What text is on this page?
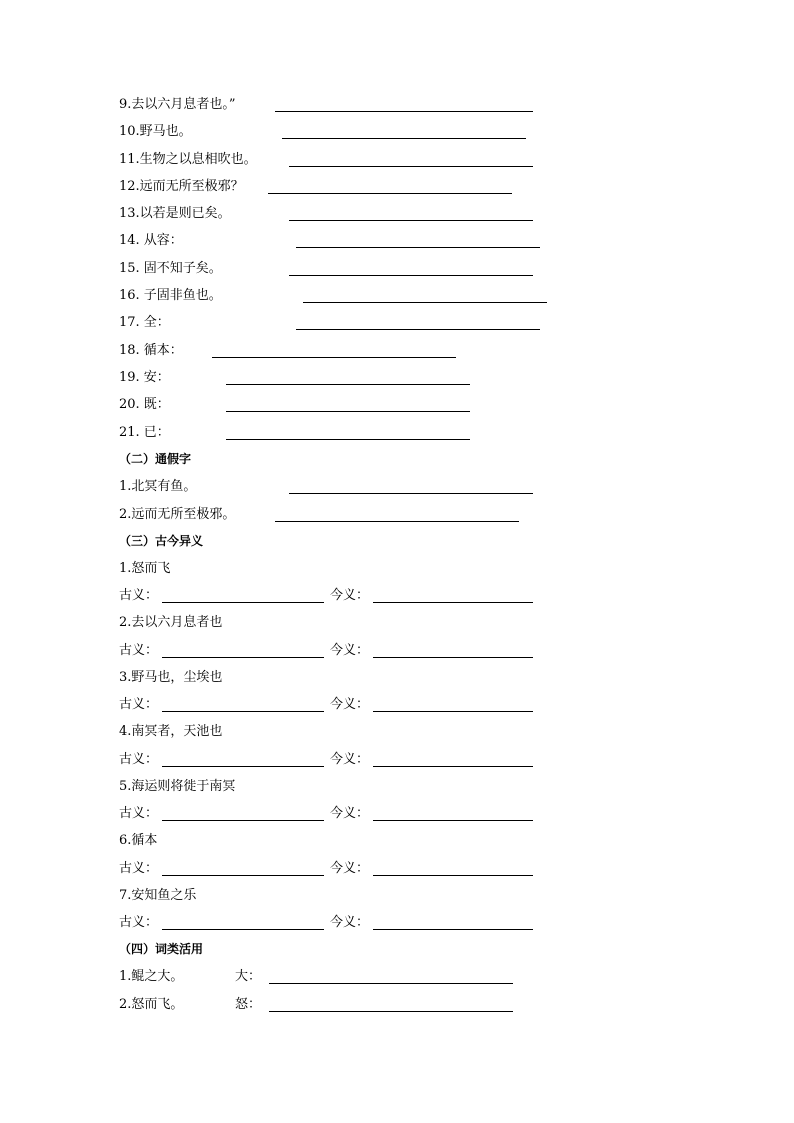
9.去以六月息者也。”
10.野马也。
11.生物之以息相吹也。
12.远而无所至极邪？
13.以若是则已矣。
14. 从容：
15. 固不知子矣。
16. 子固非鱼也。
17. 全：
18. 循本：
19. 安：
20. 既：
21. 已：
（二）通假字
1.北冥有鱼。
2.远而无所至极邪。
（三）古今异义
1.怒而飞
古义：	今义：
2.去以六月息者也
古义：	今义：
3.野马也，尘埃也
古义：	今义：
4.南冥者，天池也
古义：	今义：
5.海运则将徙于南冥
古义：	今义：
6.循本
古义：	今义：
7.安知鱼之乐
古义：	今义：
（四）词类活用
1.鲲之大。	大：
2.怒而飞。	怒：
